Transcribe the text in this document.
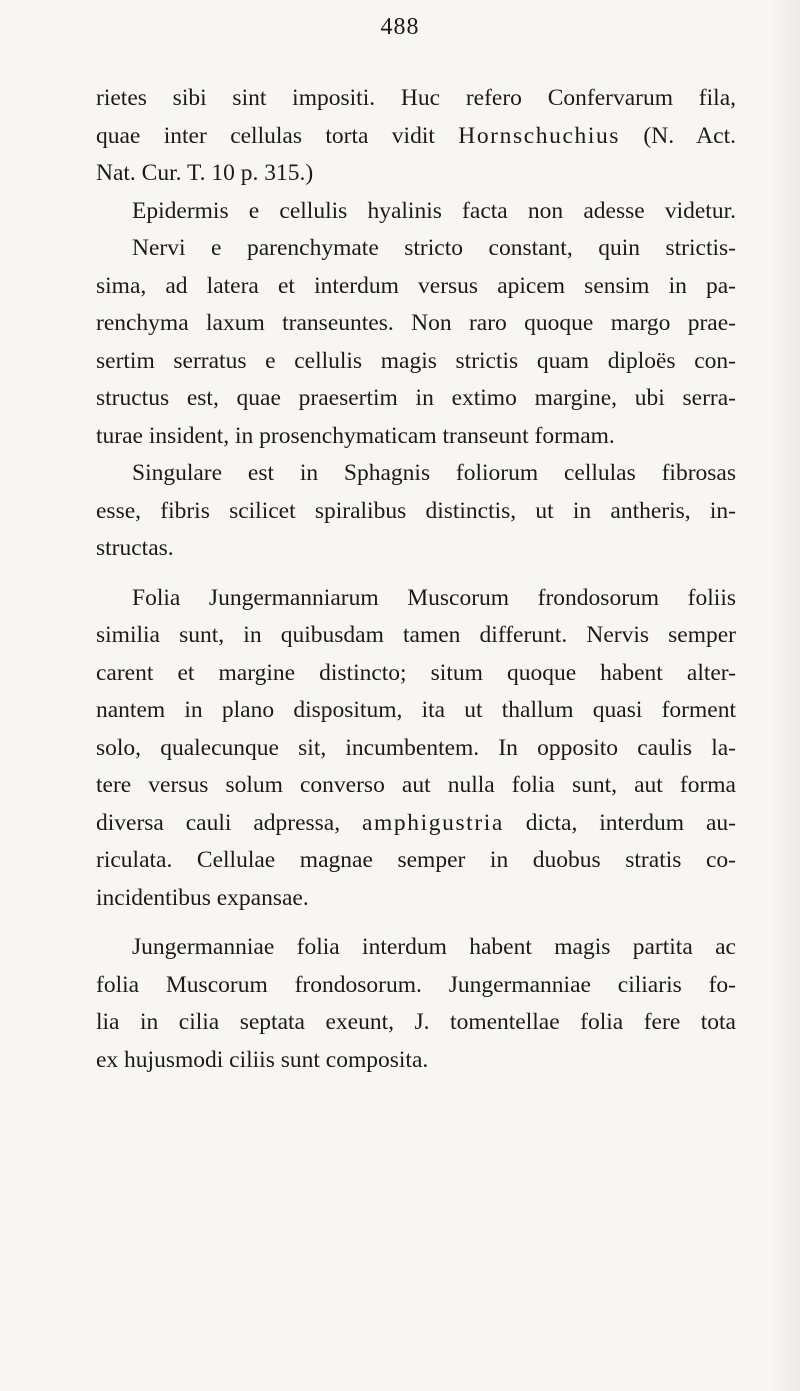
488
rietes sibi sint impositi. Huc refero Confervarum fila,
quae inter cellulas torta vidit Hornschuchius (N. Act.
Nat. Cur. T. 10 p. 315.)
Epidermis e cellulis hyalinis facta non adesse videtur.
Nervi e parenchymate stricto constant, quin strictis-
sima, ad latera et interdum versus apicem sensim in pa-
renchyma laxum transeuntes. Non raro quoque margo prae-
sertim serratus e cellulis magis strictis quam diploës con-
structus est, quae praesertim in extimo margine, ubi serra-
turae insident, in prosenchymaticam transeunt formam.
Singulare est in Sphagnis foliorum cellulas fibrosas
esse, fibris scilicet spiralibus distinctis, ut in antheris, in-
structas.
Folia Jungermanniarum Muscorum frondosorum foliis
similia sunt, in quibusdam tamen differunt. Nervis semper
carent et margine distincto; situm quoque habent alter-
nantem in plano dispositum, ita ut thallum quasi forment
solo, qualecunque sit, incumbentem. In opposito caulis la-
tere versus solum converso aut nulla folia sunt, aut forma
diversa cauli adpressa, amphigustria dicta, interdum au-
riculata. Cellulae magnae semper in duobus stratis co-
incidentibus expansae.
Jungermanniae folia interdum habent magis partita ac
folia Muscorum frondosorum. Jungermanniae ciliaris fo-
lia in cilia septata exeunt, J. tomentellae folia fere tota
ex hujusmodi ciliis sunt composita.
